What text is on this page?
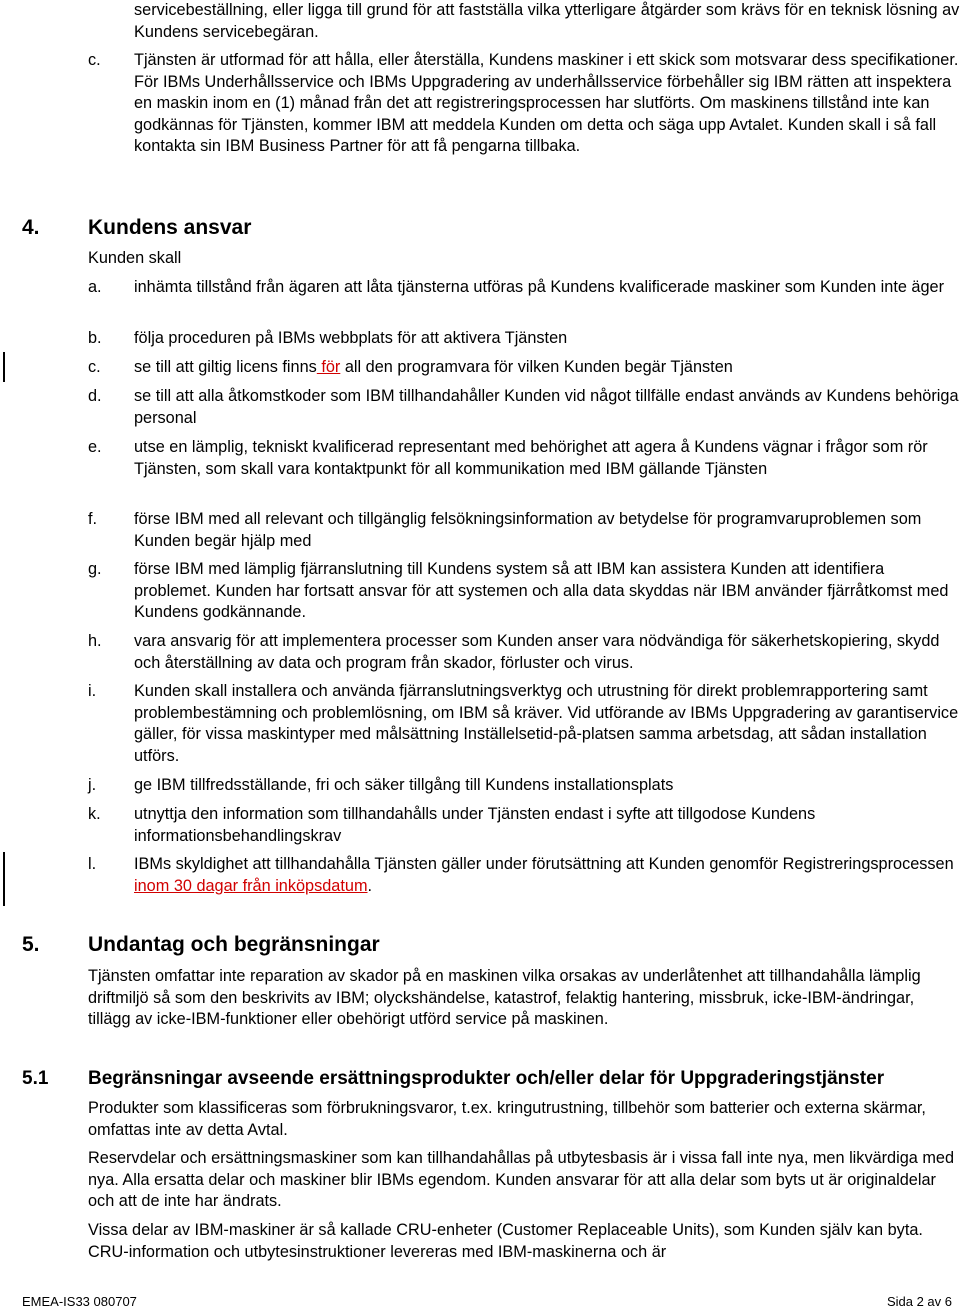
servicebeställning, eller ligga till grund för att fastställa vilka ytterligare åtgärder som krävs för en teknisk lösning av Kundens servicebegäran.
c.	Tjänsten är utformad för att hålla, eller återställa, Kundens maskiner i ett skick som motsvarar dess specifikationer. För IBMs Underhållsservice och IBMs Uppgradering av underhållsservice förbehåller sig IBM rätten att inspektera en maskin inom en (1) månad från det att registreringsprocessen har slutförts. Om maskinens tillstånd inte kan godkännas för Tjänsten, kommer IBM att meddela Kunden om detta och säga upp Avtalet. Kunden skall i så fall kontakta sin IBM Business Partner för att få pengarna tillbaka.
4. Kundens ansvar
Kunden skall
a.	inhämta tillstånd från ägaren att låta tjänsterna utföras på Kundens kvalificerade maskiner som Kunden inte äger
b.	följa proceduren på IBMs webbplats för att aktivera Tjänsten
c.	se till att giltig licens finns för all den programvara för vilken Kunden begär Tjänsten
d.	se till att alla åtkomstkoder som IBM tillhandahåller Kunden vid något tillfälle endast används av Kundens behöriga personal
e.	utse en lämplig, tekniskt kvalificerad representant med behörighet att agera å Kundens vägnar i frågor som rör Tjänsten, som skall vara kontaktpunkt för all kommunikation med IBM gällande Tjänsten
f.	förse IBM med all relevant och tillgänglig felsökningsinformation av betydelse för programvaruproblemen som Kunden begär hjälp med
g.	förse IBM med lämplig fjärranslutning till Kundens system så att IBM kan assistera Kunden att identifiera problemet. Kunden har fortsatt ansvar för att systemen och alla data skyddas när IBM använder fjärråtkomst med Kundens godkännande.
h.	vara ansvarig för att implementera processer som Kunden anser vara nödvändiga för säkerhetskopiering, skydd och återställning av data och program från skador, förluster och virus.
i.	Kunden skall installera och använda fjärranslutningsverktyg och utrustning för direkt problemrapportering samt problembestämning och problemlösning, om IBM så kräver. Vid utförande av IBMs Uppgradering av garantiservice gäller, för vissa maskintyper med målsättning Inställelsetid-på-platsen samma arbetsdag, att sådan installation utförs.
j.	ge IBM tillfredsställande, fri och säker tillgång till Kundens installationsplats
k.	utnyttja den information som tillhandahålls under Tjänsten endast i syfte att tillgodose Kundens informationsbehandlingskrav
l.	IBMs skyldighet att tillhandahålla Tjänsten gäller under förutsättning att Kunden genomför Registreringsprocessen inom 30 dagar från inköpsdatum.
5. Undantag och begränsningar
Tjänsten omfattar inte reparation av skador på en maskinen vilka orsakas av underlåtenhet att tillhandahålla lämplig driftmiljö så som den beskrivits av IBM; olyckshändelse, katastrof, felaktig hantering, missbruk, icke-IBM-ändringar, tillägg av icke-IBM-funktioner eller obehörigt utförd service på maskinen.
5.1 Begränsningar avseende ersättningsprodukter och/eller delar för Uppgraderingstjänster
Produkter som klassificeras som förbrukningsvaror, t.ex. kringutrustning, tillbehör som batterier och externa skärmar, omfattas inte av detta Avtal.
Reservdelar och ersättningsmaskiner som kan tillhandahållas på utbytesbasis är i vissa fall inte nya, men likvärdiga med nya. Alla ersatta delar och maskiner blir IBMs egendom. Kunden ansvarar för att alla delar som byts ut är originaldelar och att de inte har ändrats.
Vissa delar av IBM-maskiner är så kallade CRU-enheter (Customer Replaceable Units), som Kunden själv kan byta. CRU-information och utbytesinstruktioner levereras med IBM-maskinerna och är
EMEA-IS33 080707	Sida 2 av 6
